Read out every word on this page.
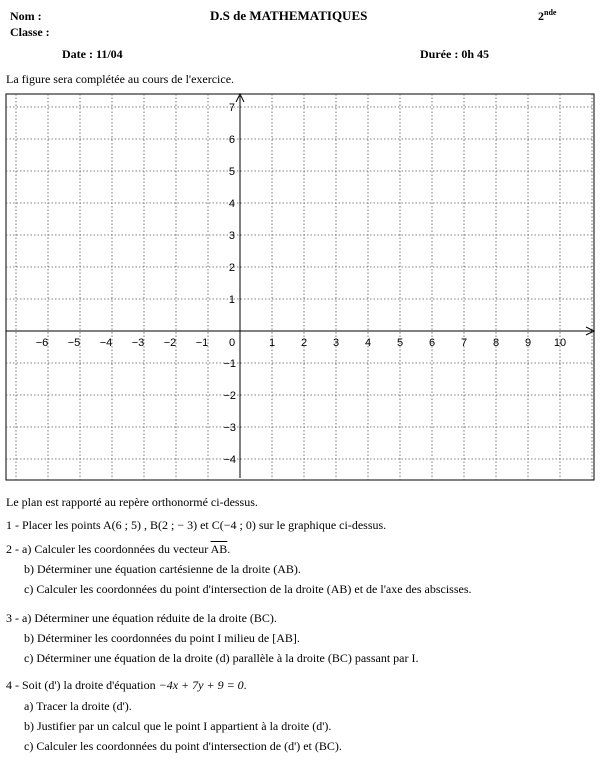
Nom :
Classe :
D.S de MATHEMATIQUES	2nde
Date : 11/04	Durée : 0h 45
La figure sera complétée au cours de l'exercice.
−6 −5 −4 −3 −2 −1 0	1 2 3 4 5 6 7 8 9 10
7
6
5
4
3
2
1
−1
−2
−3
−4
Le plan est rapporté au repère orthonormé ci-dessus.
1 - Placer les points A(6 ; 5) , B(2 ; − 3) et C(−4 ; 0) sur le graphique ci-dessus.
2 - a) Calculer les coordonnées du vecteur $\overline{AB}$.
b) Déterminer une équation cartésienne de la droite (AB).
c) Calculer les coordonnées du point d'intersection de la droite (AB) et de l'axe des abscisses.
3 - a) Déterminer une équation réduite de la droite (BC).
b) Déterminer les coordonnées du point I milieu de [AB].
c) Déterminer une équation de la droite (d) parallèle à la droite (BC) passant par I.
4 - Soit (d') la droite d'équation −4x + 7y + 9 = 0.
a) Tracer la droite (d').
b) Justifier par un calcul que le point I appartient à la droite (d').
c) Calculer les coordonnées du point d'intersection de (d') et (BC).
